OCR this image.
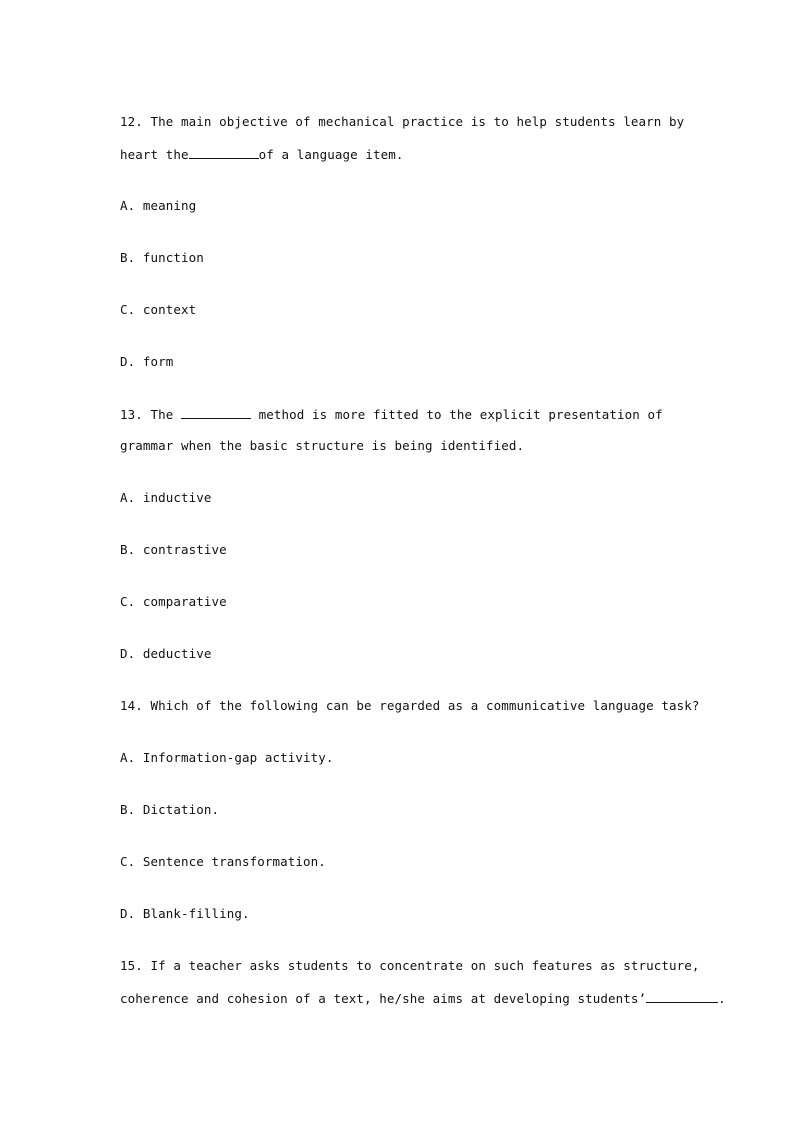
12. The main objective of mechanical practice is to help students learn by
heart the	of a language item.
A. meaning
B. function
C. context
D. form
13. The	method is more fitted to the explicit presentation of
grammar when the basic structure is being identified.
A. inductive
B. contrastive
C. comparative
D. deductive
14. Which of the following can be regarded as a communicative language task?
A. Information-gap activity.
B. Dictation.
C. Sentence transformation.
D. Blank-filling.
15. If a teacher asks students to concentrate on such features as structure,
coherence and cohesion of a text, he/she aims at developing students’	.
